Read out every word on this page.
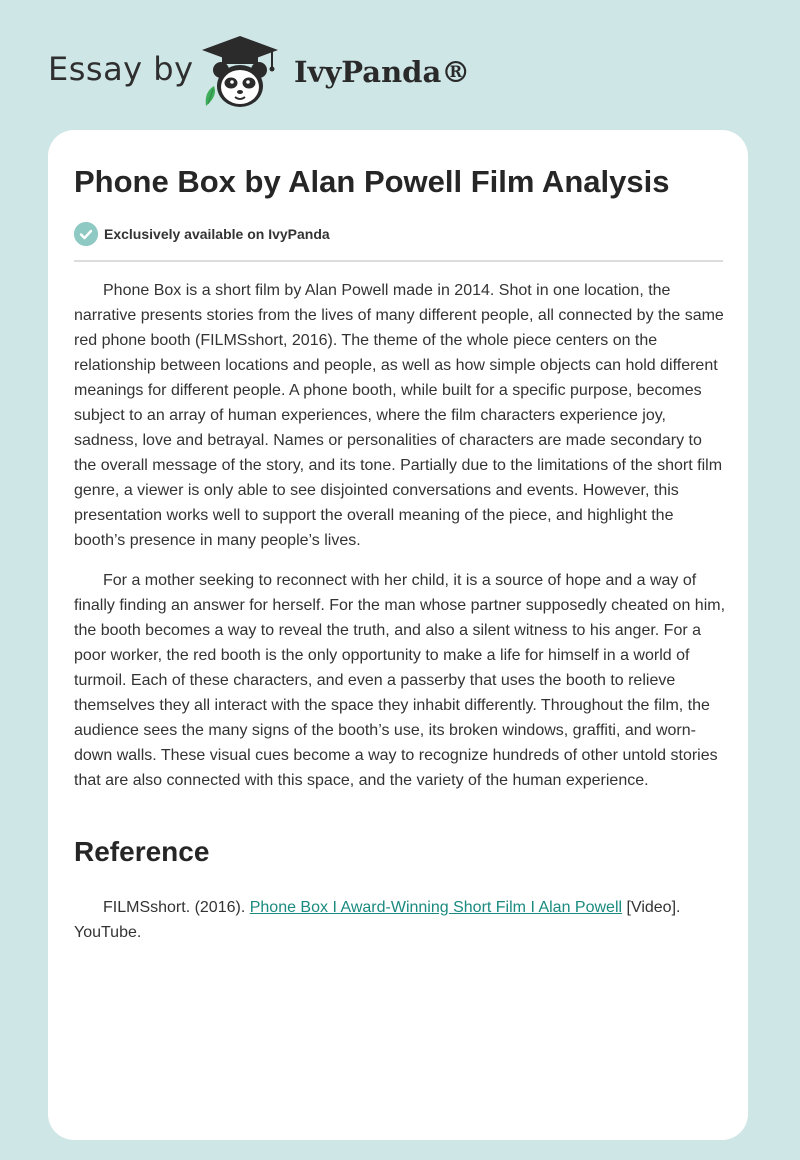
Essay by	IvyPanda®
Phone Box by Alan Powell Film Analysis
Exclusively available on IvyPanda

Phone Box is a short film by Alan Powell made in 2014. Shot in one location, the narrative presents stories from the lives of many different people, all connected by the same red phone booth (FILMSshort, 2016). The theme of the whole piece centers on the relationship between locations and people, as well as how simple objects can hold different meanings for different people. A phone booth, while built for a specific purpose, becomes subject to an array of human experiences, where the film characters experience joy, sadness, love and betrayal. Names or personalities of characters are made secondary to the overall message of the story, and its tone. Partially due to the limitations of the short film genre, a viewer is only able to see disjointed conversations and events. However, this presentation works well to support the overall meaning of the piece, and highlight the booth’s presence in many people’s lives.

For a mother seeking to reconnect with her child, it is a source of hope and a way of finally finding an answer for herself. For the man whose partner supposedly cheated on him, the booth becomes a way to reveal the truth, and also a silent witness to his anger. For a poor worker, the red booth is the only opportunity to make a life for himself in a world of turmoil. Each of these characters, and even a passerby that uses the booth to relieve themselves they all interact with the space they inhabit differently. Throughout the film, the audience sees the many signs of the booth’s use, its broken windows, graffiti, and worn-down walls. These visual cues become a way to recognize hundreds of other untold stories that are also connected with this space, and the variety of the human experience.

Reference

FILMSshort. (2016). Phone Box I Award-Winning Short Film I Alan Powell [Video]. YouTube.
